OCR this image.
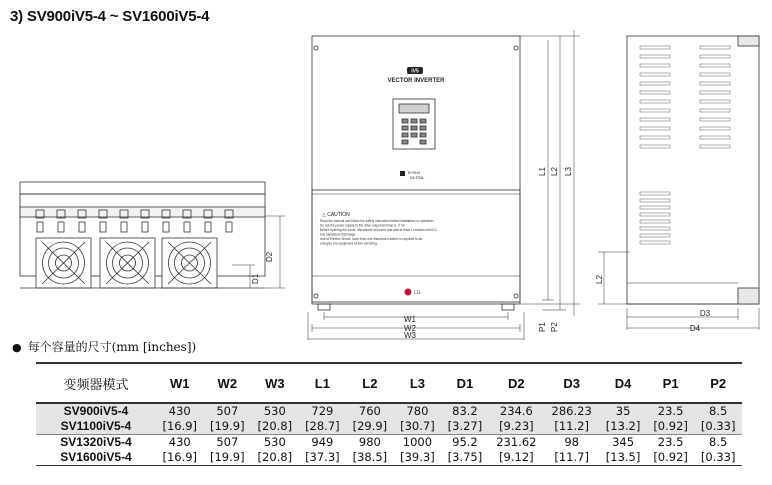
3) SV900iV5-4 ~ SV1600iV5-4
D2
D1
iV5
VECTOR INVERTER
R/ RUN
SA TRAL
△ CAUTION
· Read the manual and follow the safety instruction before installation or operation
· Do not the power supply to the drive output terminal U, V, W.
· Before opening the cover, disconnect all power and wait at least 1 minutes until DC
· bus capacitors discharge.
· Use of Electric Shock: more than one disconnect switch is required to de-
· energize the equipment before servicing.
LG
W1
W2
W3
L1 L2 L3
P1 P2
L2
D3
D4
● 每个容量的尺寸(mm [inches])
变频器模式	W1	W2	W3	L1	L2	L3	D1	D2	D3	D4	P1	P2
SV900iV5-4	430	507	530	729	760	780	83.2	234.6	286.23	35	23.5	8.5
SV1100iV5-4	[16.9]	[19.9]	[20.8]	[28.7]	[29.9]	[30.7]	[3.27]	[9.23]	[11.2]	[13.2]	[0.92]	[0.33]
SV1320iV5-4	430	507	530	949	980	1000	95.2	231.62	98	345	23.5	8.5
SV1600iV5-4	[16.9]	[19.9]	[20.8]	[37.3]	[38.5]	[39.3]	[3.75]	[9.12]	[11.7]	[13.5]	[0.92]	[0.33]
